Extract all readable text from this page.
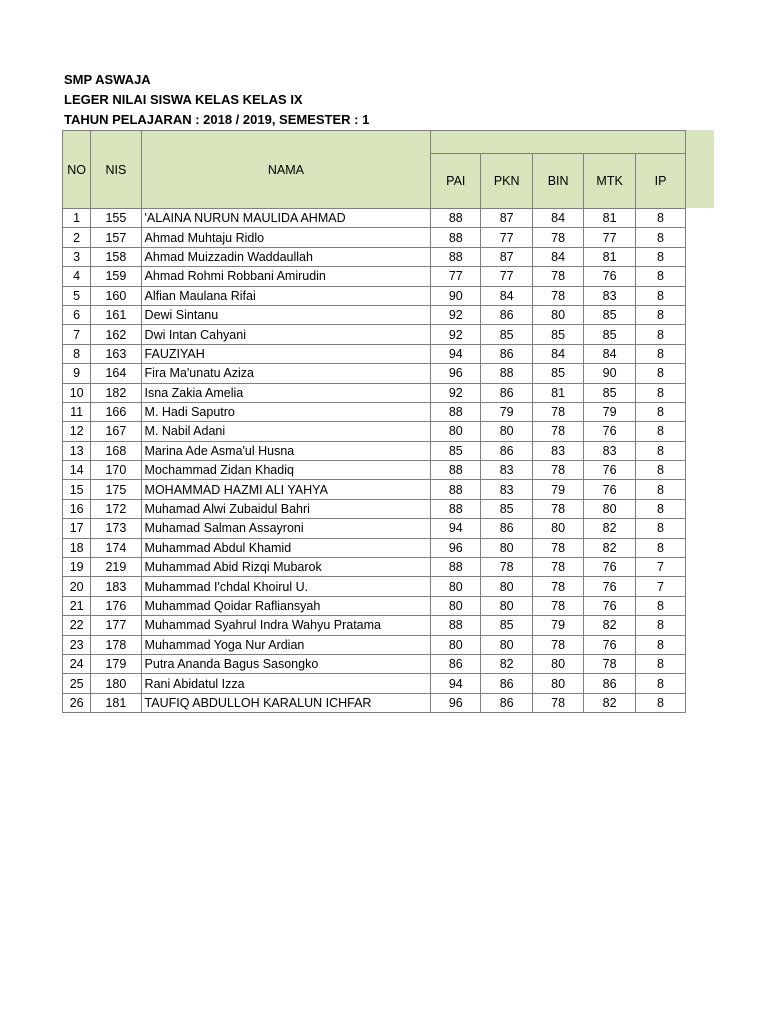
SMP ASWAJA
LEGER NILAI SISWA KELAS KELAS IX
TAHUN PELAJARAN : 2018 / 2019, SEMESTER : 1
NO	NIS	NAMA					
			PAI	PKN	BIN	MTK	IP
1	155	'ALAINA NURUN MAULIDA AHMAD	88	87	84	81	8
2	157	Ahmad Muhtaju Ridlo	88	77	78	77	8
3	158	Ahmad Muizzadin Waddaullah	88	87	84	81	8
4	159	Ahmad Rohmi Robbani Amirudin	77	77	78	76	8
5	160	Alfian Maulana Rifai	90	84	78	83	8
6	161	Dewi Sintanu	92	86	80	85	8
7	162	Dwi Intan Cahyani	92	85	85	85	8
8	163	FAUZIYAH	94	86	84	84	8
9	164	Fira Ma'unatu Aziza	96	88	85	90	8
10	182	Isna Zakia Amelia	92	86	81	85	8
11	166	M. Hadi Saputro	88	79	78	79	8
12	167	M. Nabil Adani	80	80	78	76	8
13	168	Marina Ade Asma'ul Husna	85	86	83	83	8
14	170	Mochammad Zidan Khadiq	88	83	78	76	8
15	175	MOHAMMAD HAZMI ALI YAHYA	88	83	79	76	8
16	172	Muhamad Alwi Zubaidul Bahri	88	85	78	80	8
17	173	Muhamad Salman Assayroni	94	86	80	82	8
18	174	Muhammad Abdul Khamid	96	80	78	82	8
19	219	Muhammad Abid Rizqi Mubarok	88	78	78	76	7
20	183	Muhammad I'chdal Khoirul U.	80	80	78	76	7
21	176	Muhammad Qoidar Rafliansyah	80	80	78	76	8
22	177	Muhammad Syahrul Indra Wahyu Pratama	88	85	79	82	8
23	178	Muhammad Yoga Nur Ardian	80	80	78	76	8
24	179	Putra Ananda Bagus Sasongko	86	82	80	78	8
25	180	Rani Abidatul Izza	94	86	80	86	8
26	181	TAUFIQ ABDULLOH KARALUN ICHFAR	96	86	78	82	8
